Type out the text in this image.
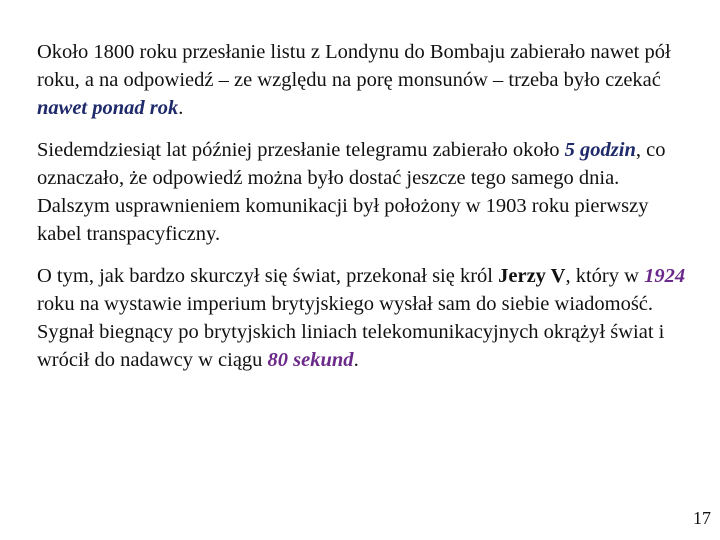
Około 1800 roku przesłanie listu z Londynu do Bombaju zabierało nawet pół roku, a na odpowiedź – ze względu na porę monsunów – trzeba było czekać nawet ponad rok.

Siedemdziesiąt lat później przesłanie telegramu zabierało około 5 godzin, co oznaczało, że odpowiedź można było dostać jeszcze tego samego dnia. Dalszym usprawnieniem komunikacji był położony w 1903 roku pierwszy kabel transpacyficzny.

O tym, jak bardzo skurczył się świat, przekonał się król Jerzy V, który w 1924 roku na wystawie imperium brytyjskiego wysłał sam do siebie wiadomość. Sygnał biegnący po brytyjskich liniach telekomunikacyjnych okrążył świat i wrócił do nadawcy w ciągu 80 sekund.

17
